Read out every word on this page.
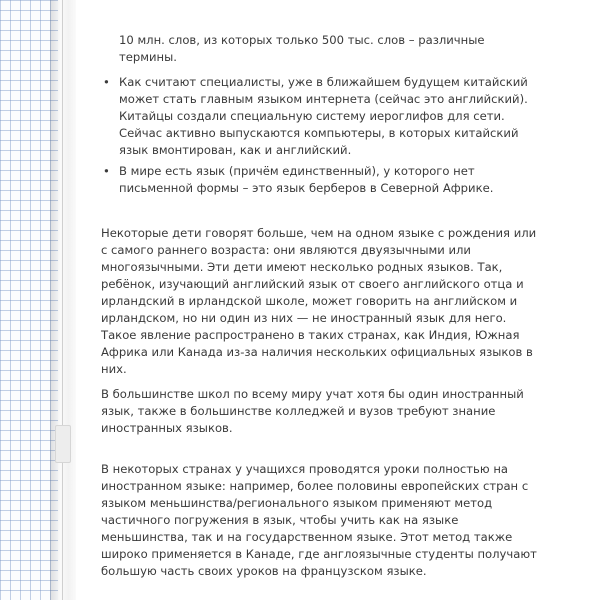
10 млн. слов, из которых только 500 тыс. слов – различные термины.

• Как считают специалисты, уже в ближайшем будущем китайский может стать главным языком интернета (сейчас это английский). Китайцы создали специальную систему иероглифов для сети. Сейчас активно выпускаются компьютеры, в которых китайский язык вмонтирован, как и английский.
• В мире есть язык (причём единственный), у которого нет письменной формы – это язык берберов в Северной Африке.

Некоторые дети говорят больше, чем на одном языке с рождения или с самого раннего возраста: они являются двуязычными или многоязычными. Эти дети имеют несколько родных языков. Так, ребёнок, изучающий английский язык от своего английского отца и ирландский в ирландской школе, может говорить на английском и ирландском, но ни один из них — не иностранный язык для него. Такое явление распространено в таких странах, как Индия, Южная Африка или Канада из-за наличия нескольких официальных языков в них.

В большинстве школ по всему миру учат хотя бы один иностранный язык, также в большинстве колледжей и вузов требуют знание иностранных языков.

В некоторых странах у учащихся проводятся уроки полностью на иностранном языке: например, более половины европейских стран с языком меньшинства/регионального языком применяют метод частичного погружения в язык, чтобы учить как на языке меньшинства, так и на государственном языке. Этот метод также широко применяется в Канаде, где англоязычные студенты получают большую часть своих уроков на французском языке.
